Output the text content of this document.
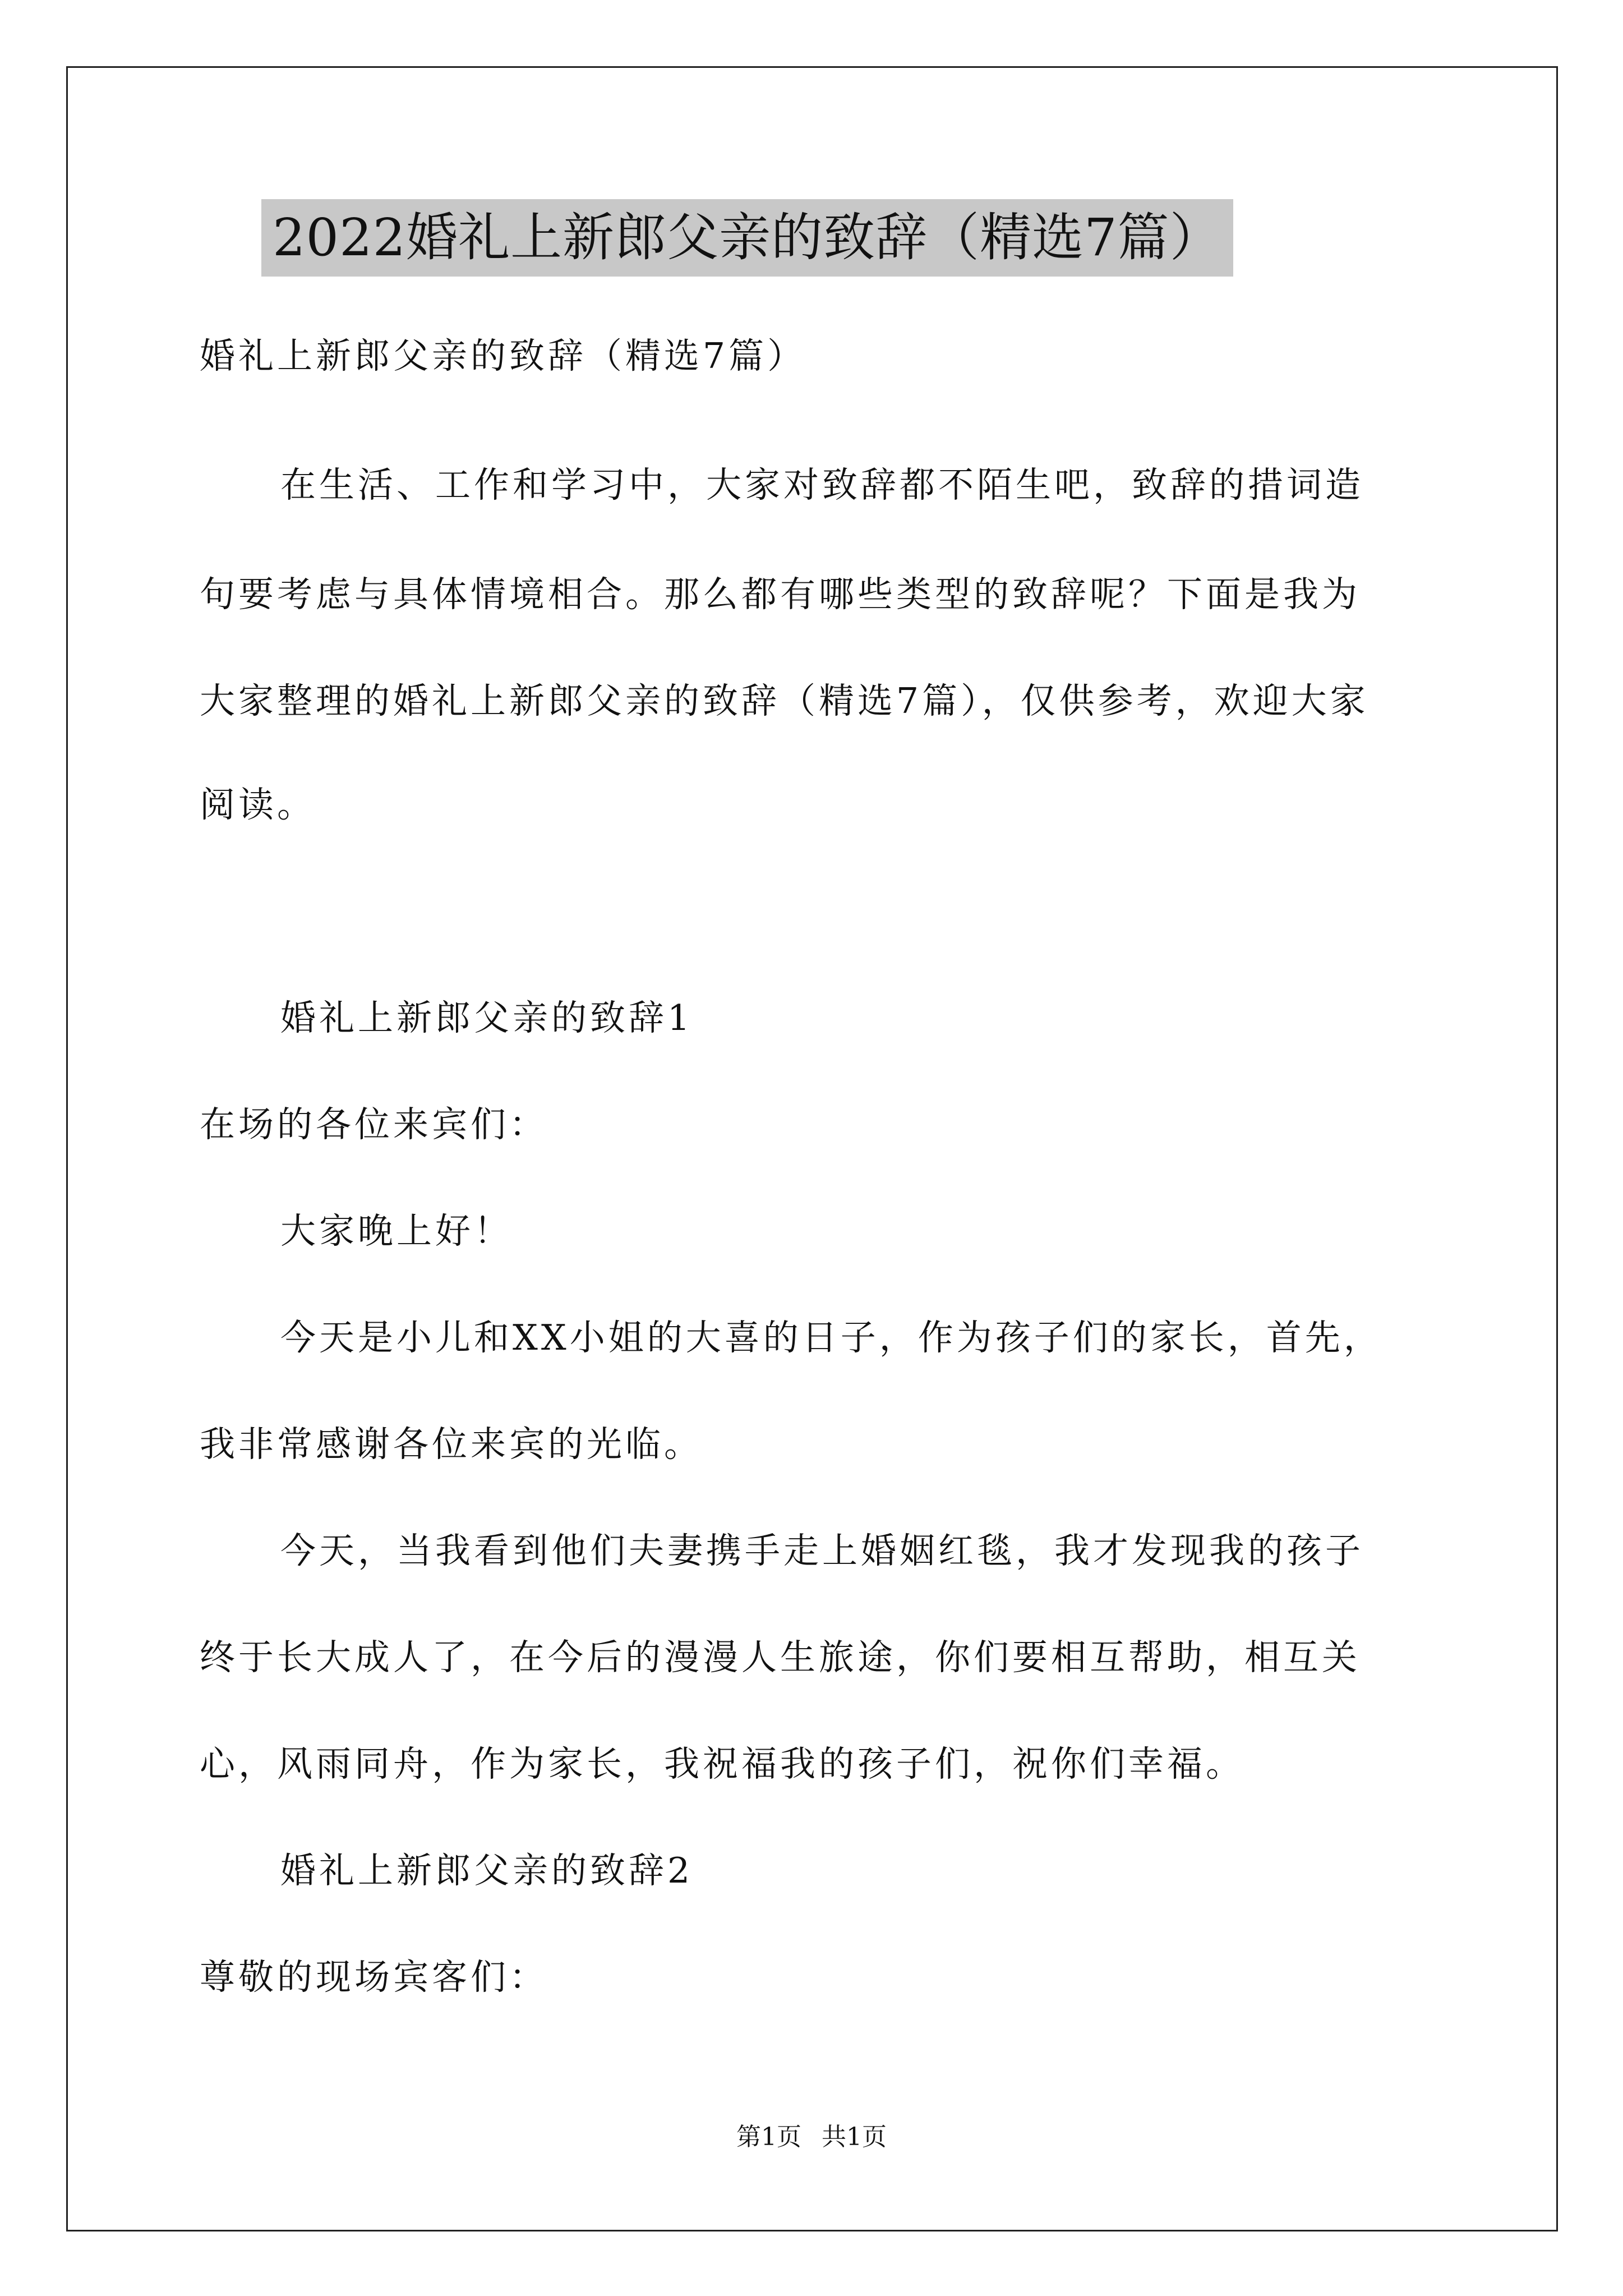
2022婚礼上新郎父亲的致辞（精选7篇）
婚礼上新郎父亲的致辞（精选7篇）
在生活、工作和学习中，大家对致辞都不陌生吧，致辞的措词造
句要考虑与具体情境相合。那么都有哪些类型的致辞呢？下面是我为
大家整理的婚礼上新郎父亲的致辞（精选7篇），仅供参考，欢迎大家
阅读。
婚礼上新郎父亲的致辞1
在场的各位来宾们：
大家晚上好！
今天是小儿和XX小姐的大喜的日子，作为孩子们的家长，首先，
我非常感谢各位来宾的光临。
今天，当我看到他们夫妻携手走上婚姻红毯，我才发现我的孩子
终于长大成人了，在今后的漫漫人生旅途，你们要相互帮助，相互关
心，风雨同舟，作为家长，我祝福我的孩子们，祝你们幸福。
婚礼上新郎父亲的致辞2
尊敬的现场宾客们：
第1页 共1页
